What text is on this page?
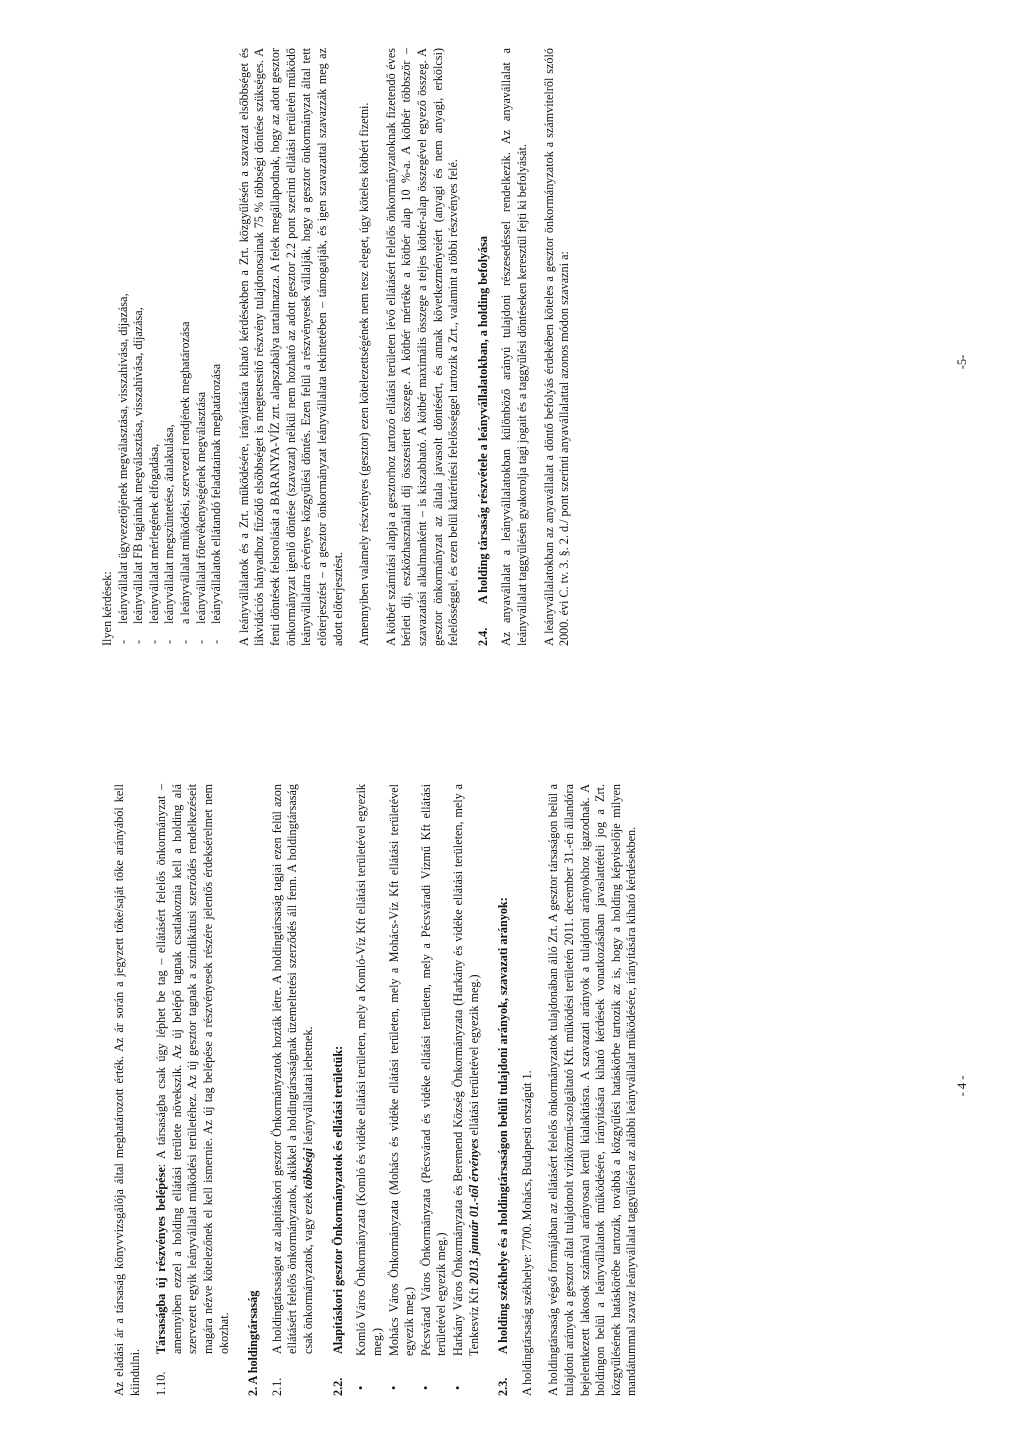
Az eladási ár a társaság könyvvizsgálója által meghatározott érték. Az ár során a jegyzett tőke/saját tőke arányából kell kiindulni. 1.10.
Társaságba új részvényes belépése: A társaságba csak úgy léphet be tag – ellátásért felelős önkormányzat – amennyiben ezzel a holding ellátási területe növekszik. Az új belépő tagnak csatlakoznia kell a holding alá szervezett egyik leányvállalat működési területéhez. Az új gesztor tagnak a szindikátusi szerződés rendelkezéseit magára nézve kötelezőnek el kell ismernie. Az új tag belépése a részvényesek részére jelentős érdeksérelmet nem okozhat. 2. A holdingtársaság 2.1.
A holdingtársaságot az alapításkori gesztor Önkormányzatok hozták létre. A holdingtársaság tagjai ezen felül azon ellátásért felelős önkormányzatok, akikkel a holdingtársaságnak üzemeltetési szerződés áll fenn. A holdingtársaság csak önkormányzatok, vagy ezek többségi leányvállalatai lehetnek.
2.2.Alapításkori gesztor Önkormányzatok és ellátási területük: • Komló Város Önkormányzata (Komló és vidéke ellátási területen, mely a Komló-Víz Kft ellátási területével egyezik meg.) • Mohács Város Önkormányzata (Mohács és vidéke ellátási területen, mely a Mohács-Víz Kft ellátási területével egyezik meg.) • Pécsvárad Város Önkormányzata (Pécsvárad és vidéke ellátási területen, mely a Pécsváradi Vízmű Kft ellátási területével egyezik meg.) • Harkány Város Önkormányzata és Beremend Község Önkormányzata (Harkány és vidéke ellátási területen, mely a Tenkesvíz Kft 2013. január 01.-től érvényes ellátási területével egyezik meg.)
2.3.
A holding székhelye és a holdingtársaságon belüli tulajdoni arányok, szavazati arányok: A holdingtársaság székhelye: 7700. Mohács, Budapesti országút 1. A holdingtársaság végső formájában az ellátásért felelős önkormányzatok tulajdonában álló Zrt. A gesztor társaságon belül a tulajdoni arányok a gesztor által tulajdonolt víziközmű-szolgáltató Kft. működési területén 2011. december 31.-én állandóra bejelentkezett lakosok számával arányosan kerül kialakításra. A szavazati arányok a tulajdoni arányokhoz igazodnak. A holdingon belül a leányvállalatok működésére, irányítására kiható kérdések vonatkozásában javaslattételi jog a Zrt. közgyűlésének hatáskörébe tartozik, továbbá a közgyűlési hatáskörbe tartozik az is, hogy a holding képviselője milyen mandátummal szavaz leányvállalat taggyűlésén az alábbi leányvállalat működésére, irányítására kiható kérdésekben.	- 4 -
Ilyen kérdések: - leányvállalat ügyvezetőjének megválasztása, visszahívása, díjazása, - leányvállalat FB tagjainak megválasztása, visszahívása, díjazása, - leányvállalat mérlegének elfogadása, - leányvállalat megszüntetése, átalakulása, - a leányvállalat működési, szervezeti rendjének meghatározása - leányvállalat főtevékenységének megválasztása - leányvállalatok ellátandó feladatainak meghatározása A leányvállalatok és a Zrt. működésére, irányítására kiható kérdésekben a Zrt. közgyűlésén a szavazat elsőbbséget és likvidációs hányadhoz fűződő elsőbbséget is megtestesítő részvény tulajdonosainak 75 % többségi döntése szükséges. A fenti döntések felsorolását a BARANYA-VÍZ zrt. alapszabálya tartalmazza. A felek megállapodnak, hogy az adott gesztor önkormányzat igenlő döntése (szavazat) nélkül nem hozható az adott gesztor 2.2 pont szerinti ellátási területén működő leányvállalatra érvényes közgyűlési döntés. Ezen felül a részvényesek vállalják, hogy a gesztor önkormányzat által tett előterjesztést – a gesztor önkormányzat leányvállalata tekintetében – támogatják, és igen szavazattal szavazzák meg az adott előterjesztést. Amennyiben valamely részvényes (gesztor) ezen kötelezettségének nem tesz eleget, úgy köteles kötbért fizetni. A kötbér számítási alapja a gesztorhoz tartozó ellátási területen lévő ellátásért felelős önkormányzatoknak fizetendő éves bérleti díj, eszközhasználati díj összesített összege. A kötbér mértéke a kötbér alap 10 %-a. A kötbér többször – szavazatási alkalmanként – is kiszabható. A kötbér maximális összege a teljes kötbér-alap összegével egyező összeg. A gesztor önkormányzat az általa javasolt döntésért, és annak következményeiért (anyagi és nem anyagi, erkölcsi) felelősséggel, és ezen belül kártérítési felelősséggel tartozik a Zrt., valamint a többi részvényes felé. 2.4.
A holding társaság részvétele a leányvállalatokban, a holding befolyása Az anyavállalat a leányvállalatokban különböző arányú tulajdoni részesedéssel rendelkezik. Az anyavállalat a leányvállalat taggyűlésén gyakorolja tagi jogait és a taggyűlési döntéseken keresztül fejti ki befolyását. A leányvállalatokban az anyavállalat a döntő befolyás érdekében köteles a gesztor önkormányzatok a számvitelről szóló 2000. évi C. tv. 3. §. 2. d./ pont szerinti anyavállalattal azonos módon szavazni a:	-5-
